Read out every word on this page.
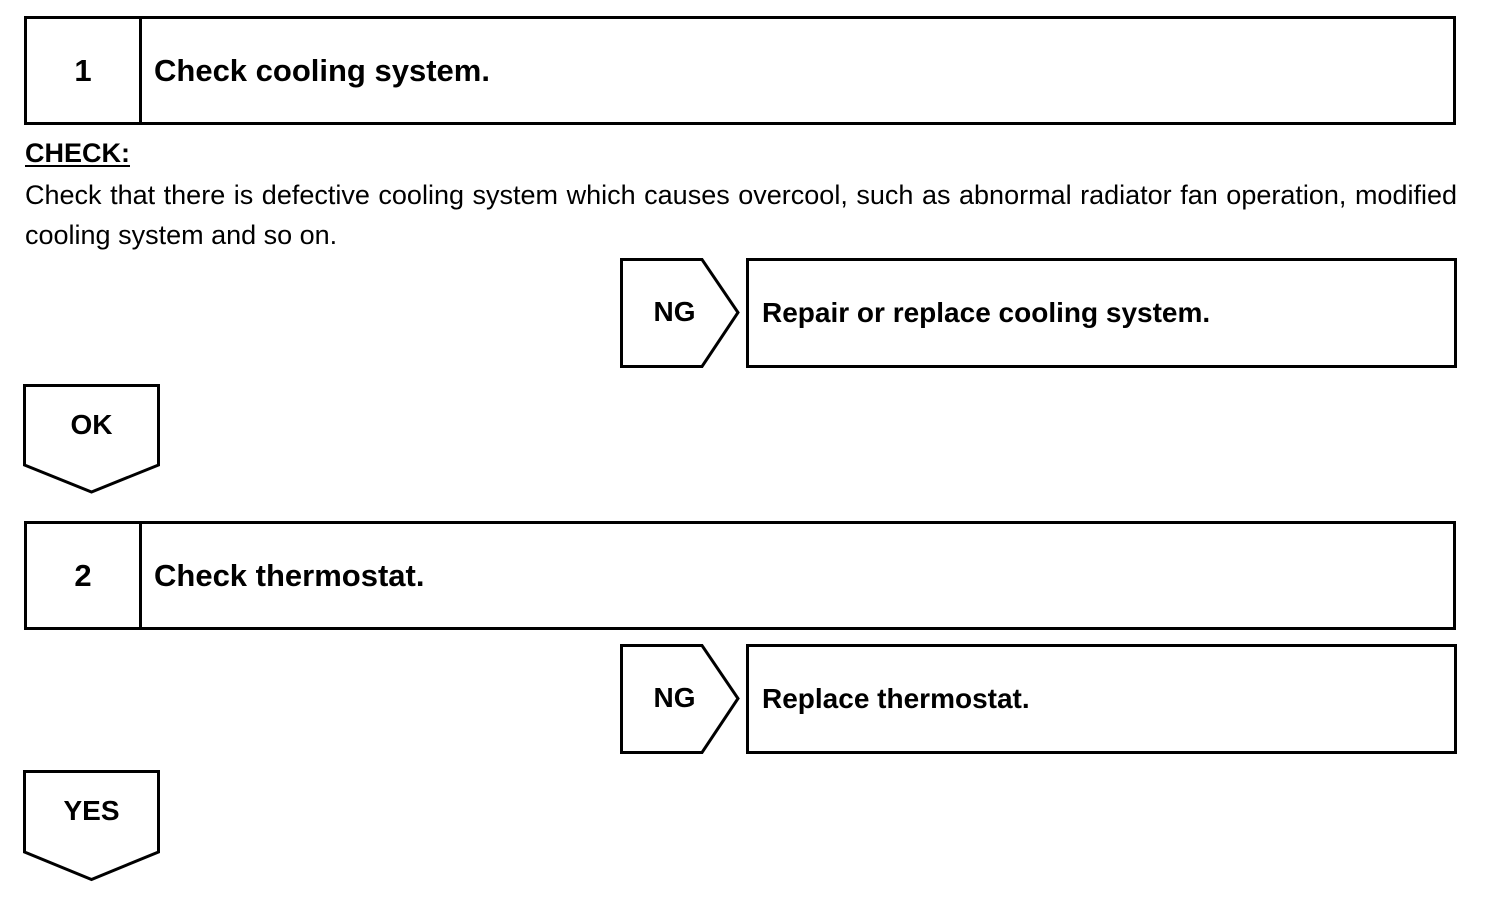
1	Check cooling system.
CHECK:
Check that there is defective cooling system which causes overcool, such as abnormal radiator fan operation, modified cooling system and so on.
NG	Repair or replace cooling system.
OK
2	Check thermostat.
NG	Replace thermostat.
YES
